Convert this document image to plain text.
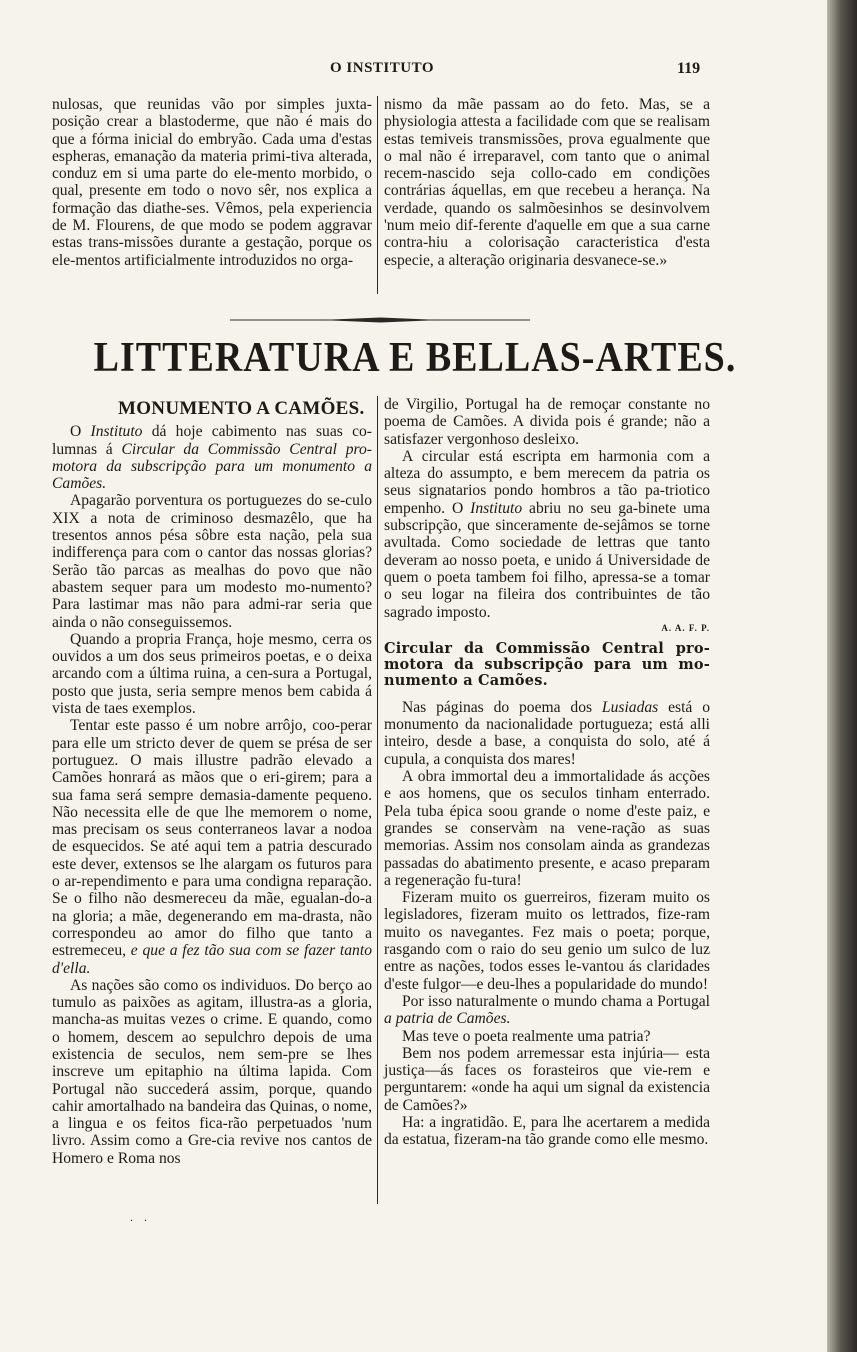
O INSTITUTO	119

nulosas, que reunidas vão por simples juxta-posição crear a blastoderme, que não é mais do que a fórma inicial do embryão. Cada uma d'estas espheras, emanação da materia primi-tiva alterada, conduz em si uma parte do ele-mento morbido, o qual, presente em todo o novo sêr, nos explica a formação das diathe-ses. Vêmos, pela experiencia de M. Flourens, de que modo se podem aggravar estas trans-missões durante a gestação, porque os ele-mentos artificialmente introduzidos no orga-

nismo da mãe passam ao do feto. Mas, se a physiologia attesta a facilidade com que se realisam estas temiveis transmissões, prova egualmente que o mal não é irreparavel, com tanto que o animal recem-nascido seja collo-cado em condições contrárias áquellas, em que recebeu a herança. Na verdade, quando os salmõesinhos se desinvolvem 'num meio dif-ferente d'aquelle em que a sua carne contra-hiu a colorisação caracteristica d'esta especie, a alteração originaria desvanece-se.»

LITTERATURA E BELLAS-ARTES.
MONUMENTO A CAMÕES.

O Instituto dá hoje cabimento nas suas co-lumnas á Circular da Commissão Central pro-motora da subscripção para um monumento a Camões.

Apagarão porventura os portuguezes do se-culo XIX a nota de criminoso desmazêlo, que ha tresentos annos pésa sôbre esta nação, pela sua indifferença para com o cantor das nossas glorias? Serão tão parcas as mealhas do povo que não abastem sequer para um modesto mo-numento? Para lastimar mas não para admi-rar seria que ainda o não conseguissemos.

Quando a propria França, hoje mesmo, cerra os ouvidos a um dos seus primeiros poetas, e o deixa arcando com a última ruina, a cen-sura a Portugal, posto que justa, seria sempre menos bem cabida á vista de taes exemplos.

Tentar este passo é um nobre arrôjo, coo-perar para elle um stricto dever de quem se présa de ser portuguez. O mais illustre padrão elevado a Camões honrará as mãos que o eri-girem; para a sua fama será sempre demasia-damente pequeno. Não necessita elle de que lhe memorem o nome, mas precisam os seus conterraneos lavar a nodoa de esquecidos. Se até aqui tem a patria descurado este dever, extensos se lhe alargam os futuros para o ar-rependimento e para uma condigna reparação. Se o filho não desmereceu da mãe, egualan-do-a na gloria; a mãe, degenerando em ma-drasta, não correspondeu ao amor do filho que tanto a estremeceu, e que a fez tão sua com se fazer tanto d'ella.

As nações são como os individuos. Do berço ao tumulo as paixões as agitam, illustra-as a gloria, mancha-as muitas vezes o crime. E quando, como o homem, descem ao sepulchro depois de uma existencia de seculos, nem sem-pre se lhes inscreve um epitaphio na última lapida. Com Portugal não succederá assim, porque, quando cahir amortalhado na bandeira das Quinas, o nome, a lingua e os feitos fica-rão perpetuados 'num livro. Assim como a Gre-cia revive nos cantos de Homero e Roma nos

de Virgilio, Portugal ha de remoçar constante no poema de Camões. A divida pois é grande; não a satisfazer vergonhoso desleixo.

A circular está escripta em harmonia com a alteza do assumpto, e bem merecem da patria os seus signatarios pondo hombros a tão pa-triotico empenho. O Instituto abriu no seu ga-binete uma subscripção, que sinceramente de-sejâmos se torne avultada. Como sociedade de lettras que tanto deveram ao nosso poeta, e unido á Universidade de quem o poeta tambem foi filho, apressa-se a tomar o seu logar na fileira dos contribuintes de tão sagrado imposto.

A. A. F. P.
Circular da Commissão Central pro-motora da subscripção para um mo-numento a Camões.

Nas páginas do poema dos Lusiadas está o monumento da nacionalidade portugueza; está alli inteiro, desde a base, a conquista do solo, até á cupula, a conquista dos mares!

A obra immortal deu a immortalidade ás acções e aos homens, que os seculos tinham enterrado. Pela tuba épica soou grande o nome d'este paiz, e grandes se conservàm na vene-ração as suas memorias. Assim nos consolam ainda as grandezas passadas do abatimento presente, e acaso preparam a regeneração fu-tura!

Fizeram muito os guerreiros, fizeram muito os legisladores, fizeram muito os lettrados, fize-ram muito os navegantes. Fez mais o poeta; porque, rasgando com o raio do seu genio um sulco de luz entre as nações, todos esses le-vantou ás claridades d'este fulgor—e deu-lhes a popularidade do mundo!

Por isso naturalmente o mundo chama a Portugal a patria de Camões.

Mas teve o poeta realmente uma patria?

Bem nos podem arremessar esta injúria— esta justiça—ás faces os forasteiros que vie-rem e perguntarem: «onde ha aqui um signal da existencia de Camões?»

Ha: a ingratidão. E, para lhe acertarem a medida da estatua, fizeram-na tão grande como elle mesmo.

. .
